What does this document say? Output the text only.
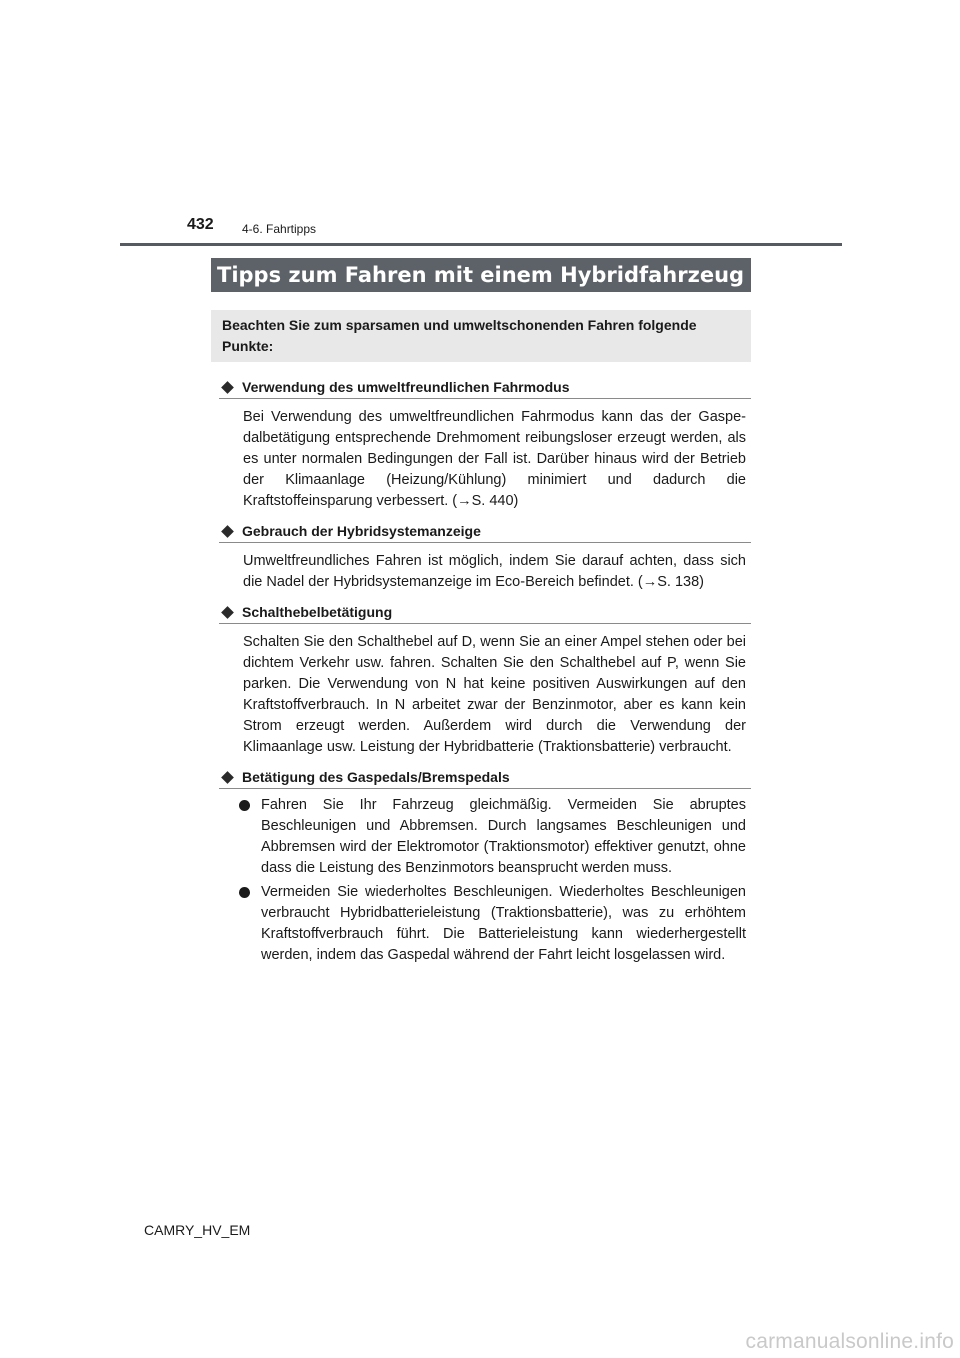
432 4-6. Fahrtipps
Tipps zum Fahren mit einem Hybridfahrzeug
Beachten Sie zum sparsamen und umweltschonenden Fahren folgende Punkte:
Verwendung des umweltfreundlichen Fahrmodus
Bei Verwendung des umweltfreundlichen Fahrmodus kann das der Gaspedalbetätigung entsprechende Drehmoment reibungsloser erzeugt werden, als es unter normalen Bedingungen der Fall ist. Darüber hinaus wird der Betrieb der Klimaanlage (Heizung/Kühlung) minimiert und dadurch die Kraftstoffeinsparung verbessert. (→S. 440)
Gebrauch der Hybridsystemanzeige
Umweltfreundliches Fahren ist möglich, indem Sie darauf achten, dass sich die Nadel der Hybridsystemanzeige im Eco-Bereich befindet. (→S. 138)
Schalthebelbetätigung
Schalten Sie den Schalthebel auf D, wenn Sie an einer Ampel stehen oder bei dichtem Verkehr usw. fahren. Schalten Sie den Schalthebel auf P, wenn Sie parken. Die Verwendung von N hat keine positiven Auswirkungen auf den Kraftstoffverbrauch. In N arbeitet zwar der Benzinmotor, aber es kann kein Strom erzeugt werden. Außerdem wird durch die Verwendung der Klimaanlage usw. Leistung der Hybridbatterie (Traktionsbatterie) verbraucht.
Betätigung des Gaspedals/Bremspedals
Fahren Sie Ihr Fahrzeug gleichmäßig. Vermeiden Sie abruptes Beschleunigen und Abbremsen. Durch langsames Beschleunigen und Abbremsen wird der Elektromotor (Traktionsmotor) effektiver genutzt, ohne dass die Leistung des Benzinmotors beansprucht werden muss.
Vermeiden Sie wiederholtes Beschleunigen. Wiederholtes Beschleunigen verbraucht Hybridbatterieleistung (Traktionsbatterie), was zu erhöhtem Kraftstoffverbrauch führt. Die Batterieleistung kann wiederhergestellt werden, indem das Gaspedal während der Fahrt leicht losgelassen wird.
CAMRY_HV_EM
carmanualsonline.info
